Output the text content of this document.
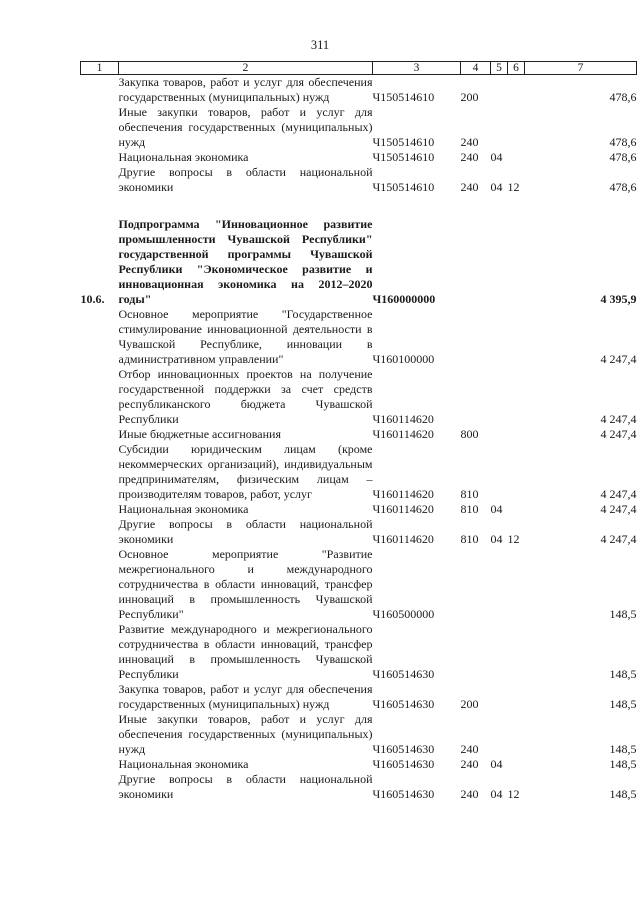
311
1	2	3	4	5	6	7
	Закупка товаров, работ и услуг для обеспечения государственных (муниципальных) нужд	Ч150514610	200			478,6
	Иные закупки товаров, работ и услуг для обеспечения государственных (муниципальных) нужд	Ч150514610	240			478,6
	Национальная экономика	Ч150514610	240	04		478,6
	Другие вопросы в области национальной экономики	Ч150514610	240	04	12	478,6

10.6.	Подпрограмма "Инновационное развитие промышленности Чувашской Республики" государственной программы Чувашской Республики "Экономическое развитие и инновационная экономика на 2012–2020 годы"	Ч160000000				4 395,9
	Основное мероприятие "Государственное стимулирование инновационной деятельности в Чувашской Республике, инновации в административном управлении"	Ч160100000				4 247,4
	Отбор инновационных проектов на получение государственной поддержки за счет средств республиканского бюджета Чувашской Республики	Ч160114620				4 247,4
	Иные бюджетные ассигнования	Ч160114620	800			4 247,4
	Субсидии юридическим лицам (кроме некоммерческих организаций), индивидуальным предпринимателям, физическим лицам – производителям товаров, работ, услуг	Ч160114620	810			4 247,4
	Национальная экономика	Ч160114620	810	04		4 247,4
	Другие вопросы в области национальной экономики	Ч160114620	810	04	12	4 247,4
	Основное мероприятие "Развитие межрегионального и международного сотрудничества в области инноваций, трансфер инноваций в промышленность Чувашской Республики"	Ч160500000				148,5
	Развитие международного и межрегионального сотрудничества в области инноваций, трансфер инноваций в промышленность Чувашской Республики	Ч160514630				148,5
	Закупка товаров, работ и услуг для обеспечения государственных (муниципальных) нужд	Ч160514630	200			148,5
	Иные закупки товаров, работ и услуг для обеспечения государственных (муниципальных) нужд	Ч160514630	240			148,5
	Национальная экономика	Ч160514630	240	04		148,5
	Другие вопросы в области национальной экономики	Ч160514630	240	04	12	148,5
